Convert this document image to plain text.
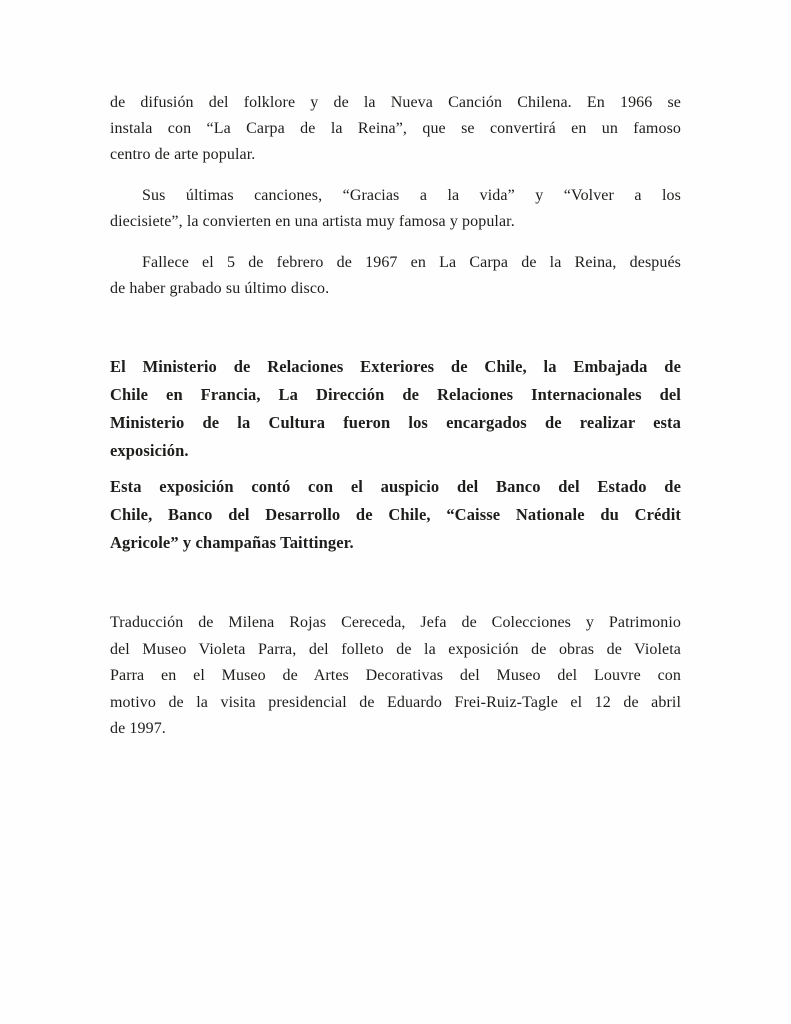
de difusión del folklore y de la Nueva Canción Chilena. En 1966 se
instala con “La Carpa de la Reina”, que se convertirá en un famoso
centro de arte popular.
Sus últimas canciones, “Gracias a la vida” y “Volver a los
diecisiete”, la convierten en una artista muy famosa y popular.
Fallece el 5 de febrero de 1967 en La Carpa de la Reina, después
de haber grabado su último disco.
El Ministerio de Relaciones Exteriores de Chile, la Embajada de
Chile en Francia, La Dirección de Relaciones Internacionales del
Ministerio de la Cultura fueron los encargados de realizar esta
exposición.
Esta exposición contó con el auspicio del Banco del Estado de
Chile, Banco del Desarrollo de Chile, “Caisse Nationale du Crédit
Agricole” y champañas Taittinger.
Traducción de Milena Rojas Cereceda, Jefa de Colecciones y Patrimonio
del Museo Violeta Parra, del folleto de la exposición de obras de Violeta
Parra en el Museo de Artes Decorativas del Museo del Louvre con
motivo de la visita presidencial de Eduardo Frei-Ruiz-Tagle el 12 de abril
de 1997.
